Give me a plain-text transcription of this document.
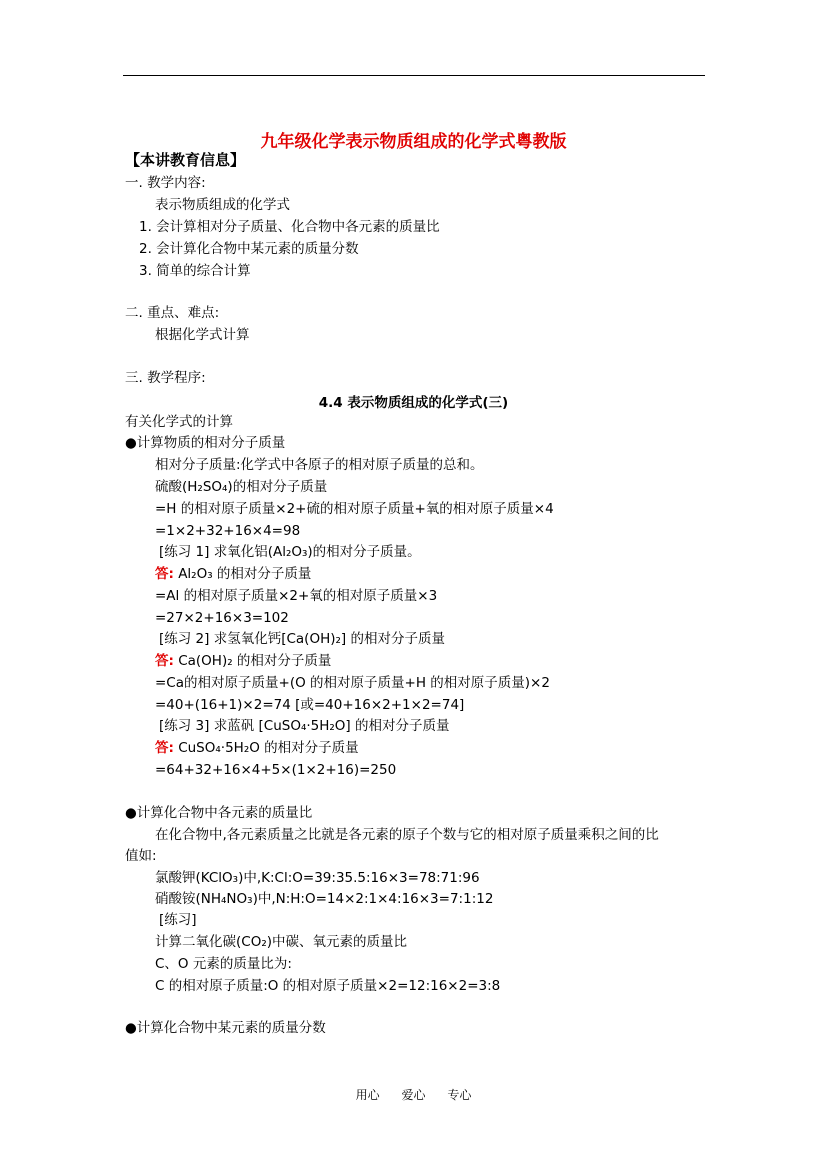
九年级化学表示物质组成的化学式粤教版
【本讲教育信息】
一. 教学内容:
表示物质组成的化学式
1. 会计算相对分子质量、化合物中各元素的质量比
2. 会计算化合物中某元素的质量分数
3. 简单的综合计算
二. 重点、难点:
根据化学式计算
三. 教学程序:
4.4 表示物质组成的化学式(三)
有关化学式的计算
●计算物质的相对分子质量
相对分子质量:化学式中各原子的相对原子质量的总和。
硫酸(H₂SO₄)的相对分子质量
=H 的相对原子质量×2+硫的相对原子质量+氧的相对原子质量×4
=1×2+32+16×4=98
[练习 1] 求氧化铝(Al₂O₃)的相对分子质量。
答: Al₂O₃ 的相对分子质量
=Al 的相对原子质量×2+氧的相对原子质量×3
=27×2+16×3=102
[练习 2] 求氢氧化钙[Ca(OH)₂] 的相对分子质量
答: Ca(OH)₂ 的相对分子质量
=Ca的相对原子质量+(O 的相对原子质量+H 的相对原子质量)×2
=40+(16+1)×2=74 [或=40+16×2+1×2=74]
[练习 3] 求蓝矾 [CuSO₄·5H₂O] 的相对分子质量
答: CuSO₄·5H₂O 的相对分子质量
=64+32+16×4+5×(1×2+16)=250
●计算化合物中各元素的质量比
在化合物中,各元素质量之比就是各元素的原子个数与它的相对原子质量乘积之间的比
值如:
氯酸钾(KClO₃)中,K:Cl:O=39:35.5:16×3=78:71:96
硝酸铵(NH₄NO₃)中,N:H:O=14×2:1×4:16×3=7:1:12
[练习]
计算二氧化碳(CO₂)中碳、氧元素的质量比
C、O 元素的质量比为:
C 的相对原子质量:O 的相对原子质量×2=12:16×2=3:8
●计算化合物中某元素的质量分数
用心 爱心 专心
